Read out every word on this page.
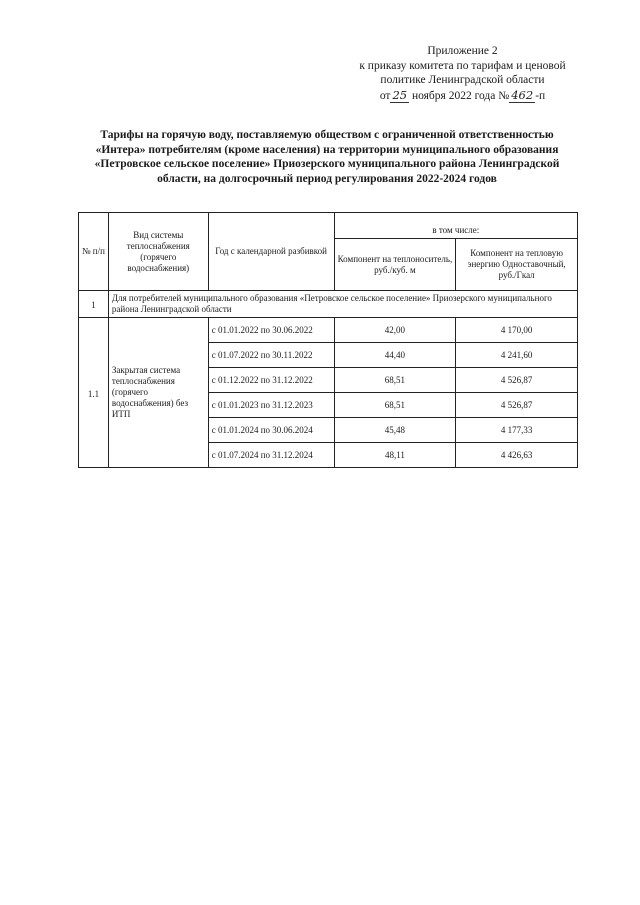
Приложение 2
к приказу комитета по тарифам и ценовой
политике Ленинградской области
от 25 ноября 2022 года № 462 -п
Тарифы на горячую воду, поставляемую обществом с ограниченной ответственностью «Интера» потребителям (кроме населения) на территории муниципального образования «Петровское сельское поселение» Приозерского муниципального района Ленинградской области, на долгосрочный период регулирования 2022-2024 годов
№ п/п	Вид системы теплоснабжения (горячего водоснабжения)	Год с календарной разбивкой	в том числе:	
			Компонент на теплоноситель, руб./куб. м	Компонент на тепловую энергию Одноставочный, руб./Гкал
1	Для потребителей муниципального образования «Петровское сельское поселение» Приозерского муниципального района Ленинградской области			
1.1	Закрытая система теплоснабжения (горячего водоснабжения) без ИТП	с 01.01.2022 по 30.06.2022	42,00	4 170,00
		с 01.07.2022 по 30.11.2022	44,40	4 241,60
		с 01.12.2022 по 31.12.2022	68,51	4 526,87
		с 01.01.2023 по 31.12.2023	68,51	4 526,87
		с 01.01.2024 по 30.06.2024	45,48	4 177,33
		с 01.07.2024 по 31.12.2024	48,11	4 426,63
